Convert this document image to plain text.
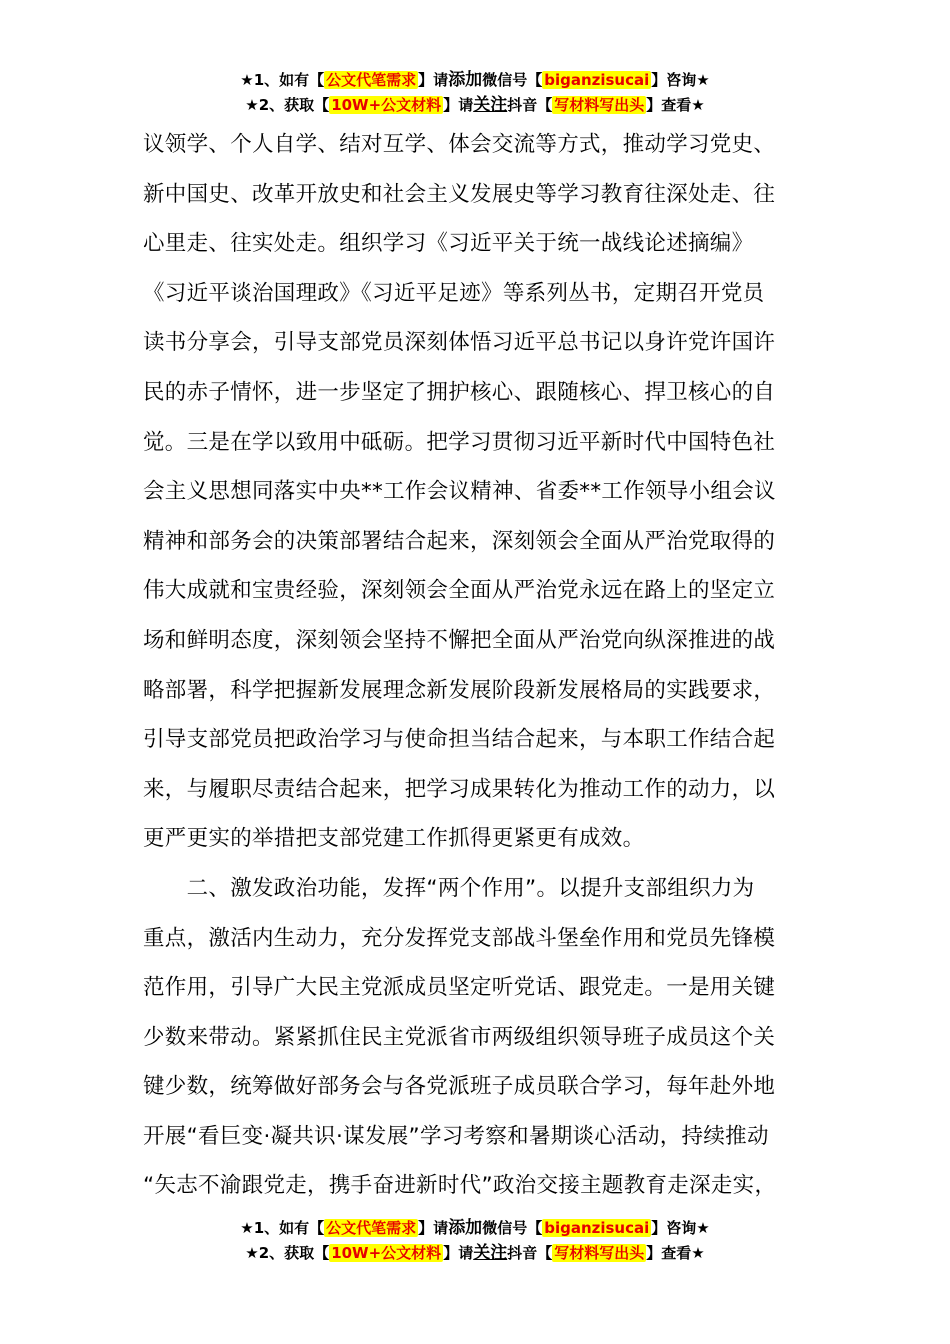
★1、如有【 公文代笔需求 】请添加微信号【 biganzisucai 】咨询★
★2、获取【 10W+公文材料 】请关注抖音【 写材料写出头 】查看★
议领学、个人自学、结对互学、体会交流等方式，推动学习党史、
新中国史、改革开放史和社会主义发展史等学习教育往深处走、往
心里走、往实处走。组织学习《习近平关于统一战线论述摘编》
《习近平谈治国理政》《习近平足迹》等系列丛书，定期召开党员
读书分享会，引导支部党员深刻体悟习近平总书记以身许党许国许
民的赤子情怀，进一步坚定了拥护核心、跟随核心、捍卫核心的自
觉。三是在学以致用中砥砺。把学习贯彻习近平新时代中国特色社
会主义思想同落实中央**工作会议精神、省委**工作领导小组会议
精神和部务会的决策部署结合起来，深刻领会全面从严治党取得的
伟大成就和宝贵经验，深刻领会全面从严治党永远在路上的坚定立
场和鲜明态度，深刻领会坚持不懈把全面从严治党向纵深推进的战
略部署，科学把握新发展理念新发展阶段新发展格局的实践要求，
引导支部党员把政治学习与使命担当结合起来，与本职工作结合起
来，与履职尽责结合起来，把学习成果转化为推动工作的动力，以
更严更实的举措把支部党建工作抓得更紧更有成效。
　　二、激发政治功能，发挥“两个作用”。以提升支部组织力为
重点，激活内生动力，充分发挥党支部战斗堡垒作用和党员先锋模
范作用，引导广大民主党派成员坚定听党话、跟党走。一是用关键
少数来带动。紧紧抓住民主党派省市两级组织领导班子成员这个关
键少数，统筹做好部务会与各党派班子成员联合学习，每年赴外地
开展“看巨变·凝共识·谋发展”学习考察和暑期谈心活动，持续推动
“矢志不渝跟党走，携手奋进新时代”政治交接主题教育走深走实，
★1、如有【 公文代笔需求 】请添加微信号【 biganzisucai 】咨询★
★2、获取【 10W+公文材料 】请关注抖音【 写材料写出头 】查看★
